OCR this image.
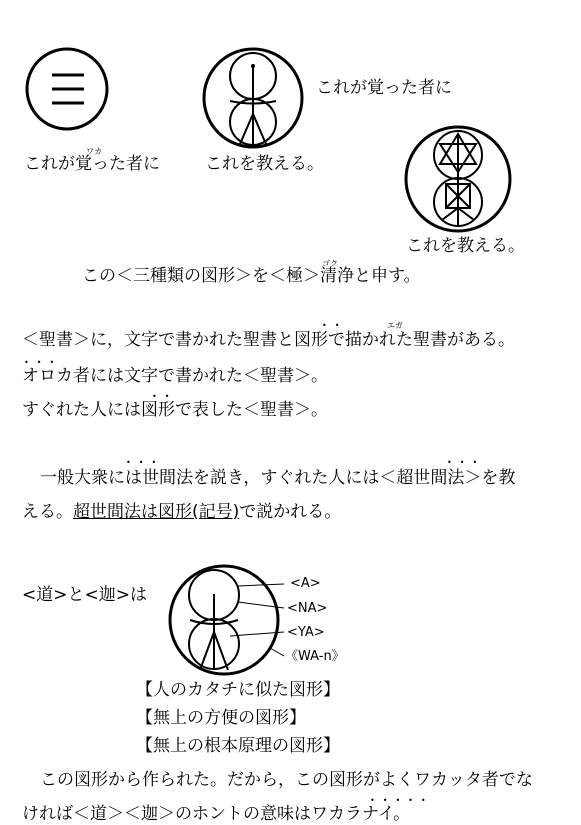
これが覚った者に
ワカ
これが覚った者に	これを教える。
これを教える。
ゴク
この＜三種類の図形＞を＜極＞清浄と申す。
エガ
••
＜聖書＞に，文字で書かれた聖書と図形で描かれた聖書がある。
•••
オロカ者には文字で書かれた＜聖書＞。
••
すぐれた人には図形で表した＜聖書＞。
•••	•••
一般大衆には世間法を説き，すぐれた人には＜超世間法＞を教
える。超世間法は図形(記号)で説かれる。
<道>と<迦>は
<A>
<NA>
<YA>
《WA-n》
【人のカタチに似た図形】
【無上の方便の図形】
【無上の根本原理の図形】
この図形から作られた。だから，この図形がよくワカッタ者でな
•••••
ければ＜道＞＜迦＞のホントの意味はワカラナイ。
